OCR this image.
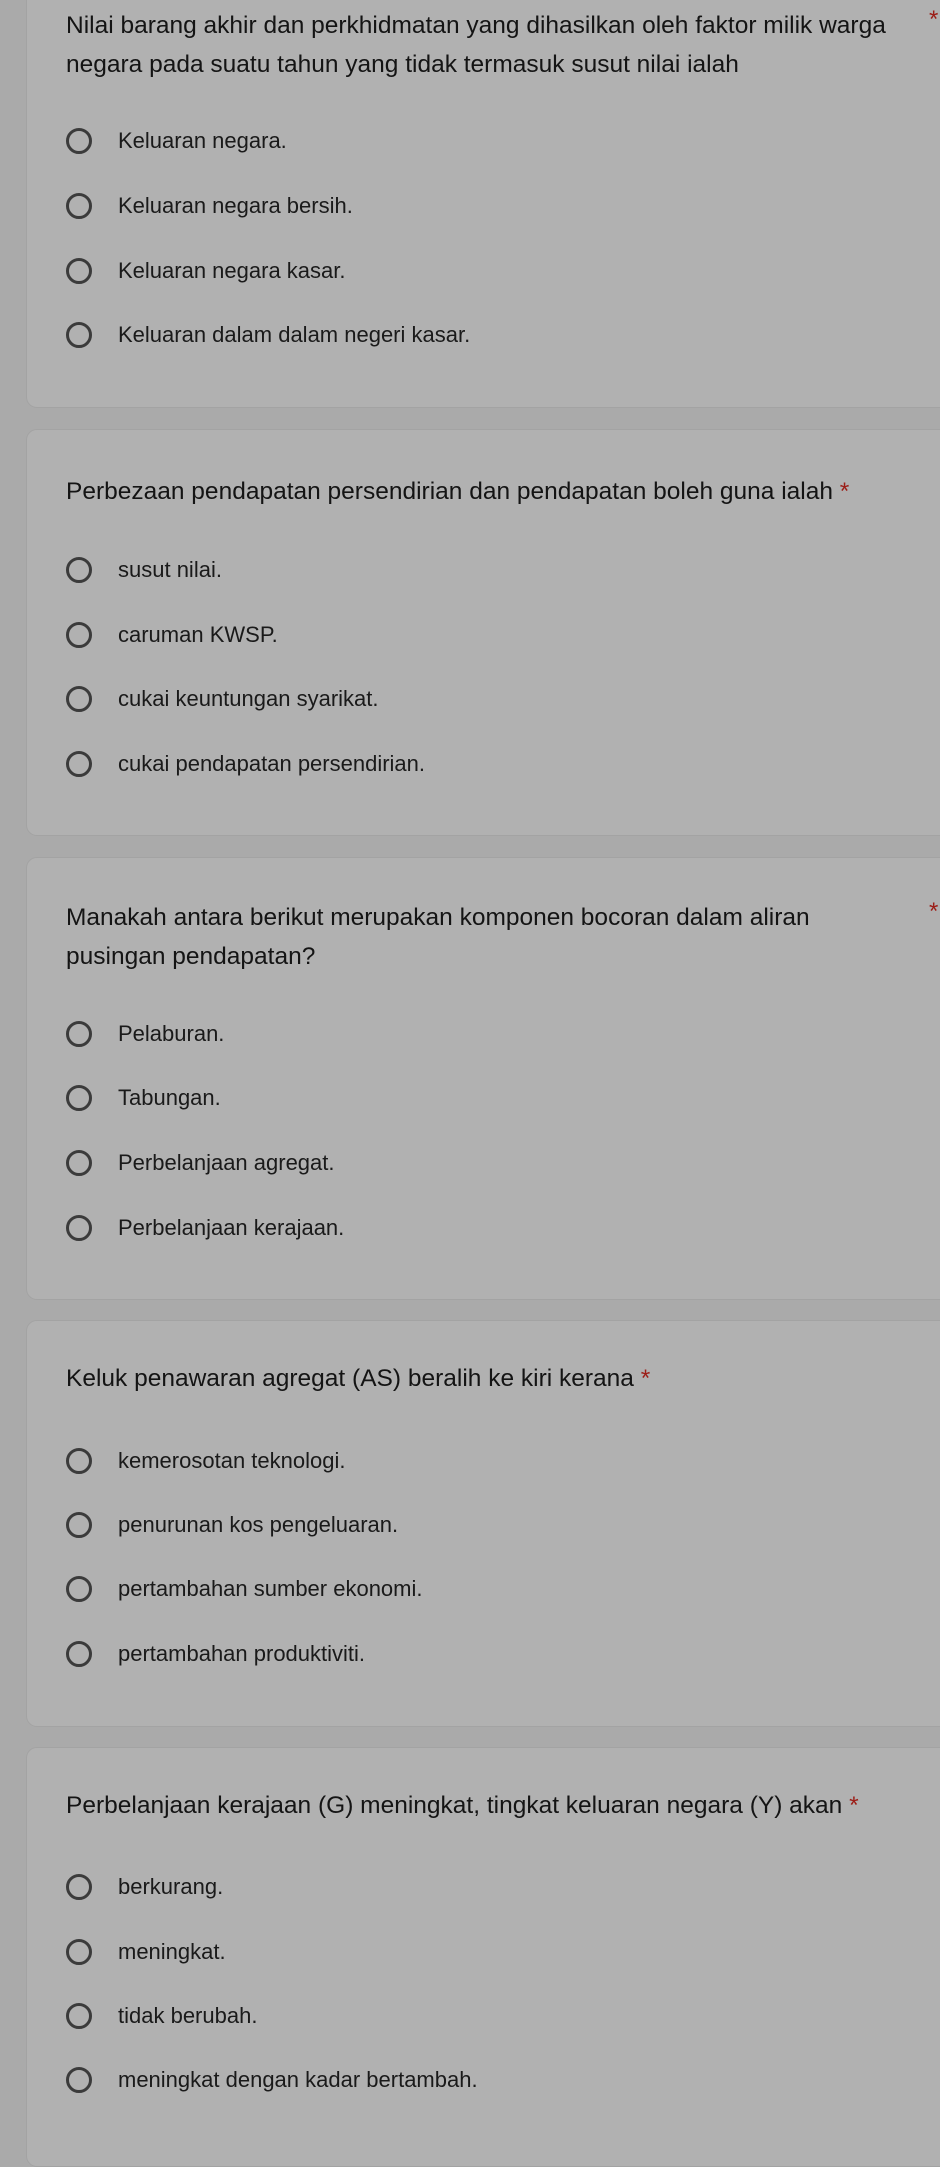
Nilai barang akhir dan perkhidmatan yang dihasilkan oleh faktor milik warga negara pada suatu tahun yang tidak termasuk susut nilai ialah

*
Keluaran negara.
Keluaran negara bersih.
Keluaran negara kasar.
Keluaran dalam dalam negeri kasar.

Perbezaan pendapatan persendirian dan pendapatan boleh guna ialah *

susut nilai.
caruman KWSP.
cukai keuntungan syarikat.
cukai pendapatan persendirian.

Manakah antara berikut merupakan komponen bocoran dalam aliran pusingan pendapatan?

*
Pelaburan.
Tabungan.
Perbelanjaan agregat.
Perbelanjaan kerajaan.

Keluk penawaran agregat (AS) beralih ke kiri kerana *

kemerosotan teknologi.
penurunan kos pengeluaran.
pertambahan sumber ekonomi.
pertambahan produktiviti.

Perbelanjaan kerajaan (G) meningkat, tingkat keluaran negara (Y) akan *

berkurang.
meningkat.
tidak berubah.
meningkat dengan kadar bertambah.
